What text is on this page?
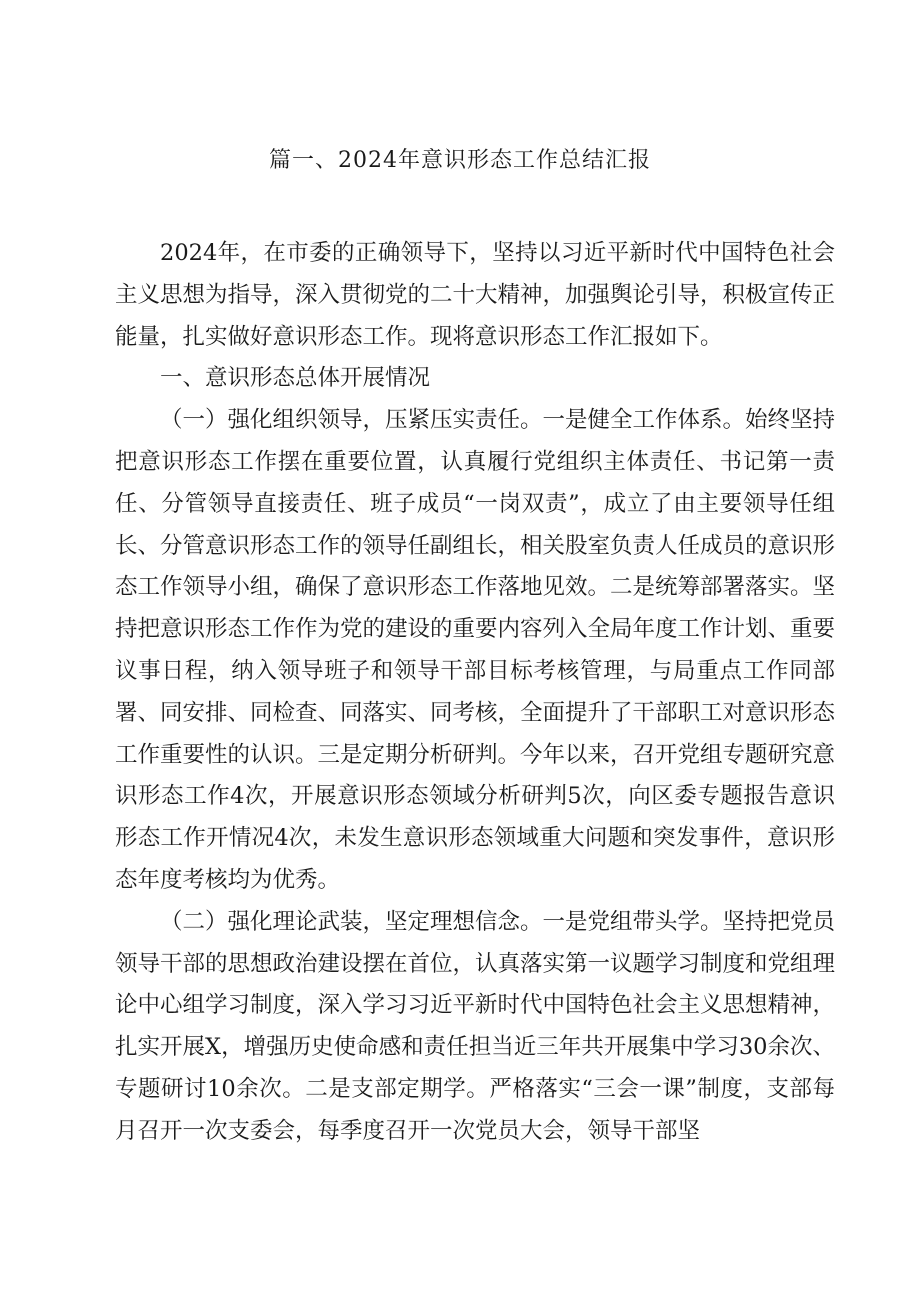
篇一、2024年意识形态工作总结汇报

2024年，在市委的正确领导下，坚持以习近平新时代中国特色社会主义思想为指导，深入贯彻党的二十大精神，加强舆论引导，积极宣传正能量，扎实做好意识形态工作。现将意识形态工作汇报如下。

一、意识形态总体开展情况

（一）强化组织领导，压紧压实责任。一是健全工作体系。始终坚持把意识形态工作摆在重要位置，认真履行党组织主体责任、书记第一责任、分管领导直接责任、班子成员“一岗双责”，成立了由主要领导任组长、分管意识形态工作的领导任副组长，相关股室负责人任成员的意识形态工作领导小组，确保了意识形态工作落地见效。二是统筹部署落实。坚持把意识形态工作作为党的建设的重要内容列入全局年度工作计划、重要议事日程，纳入领导班子和领导干部目标考核管理，与局重点工作同部署、同安排、同检查、同落实、同考核，全面提升了干部职工对意识形态工作重要性的认识。三是定期分析研判。今年以来，召开党组专题研究意识形态工作4次，开展意识形态领域分析研判5次，向区委专题报告意识形态工作开情况4次，未发生意识形态领域重大问题和突发事件，意识形态年度考核均为优秀。

（二）强化理论武装，坚定理想信念。一是党组带头学。坚持把党员领导干部的思想政治建设摆在首位，认真落实第一议题学习制度和党组理论中心组学习制度，深入学习习近平新时代中国特色社会主义思想精神，扎实开展X，增强历史使命感和责任担当近三年共开展集中学习30余次、专题研讨10余次。二是支部定期学。严格落实“三会一课”制度，支部每月召开一次支委会，每季度召开一次党员大会，领导干部坚
